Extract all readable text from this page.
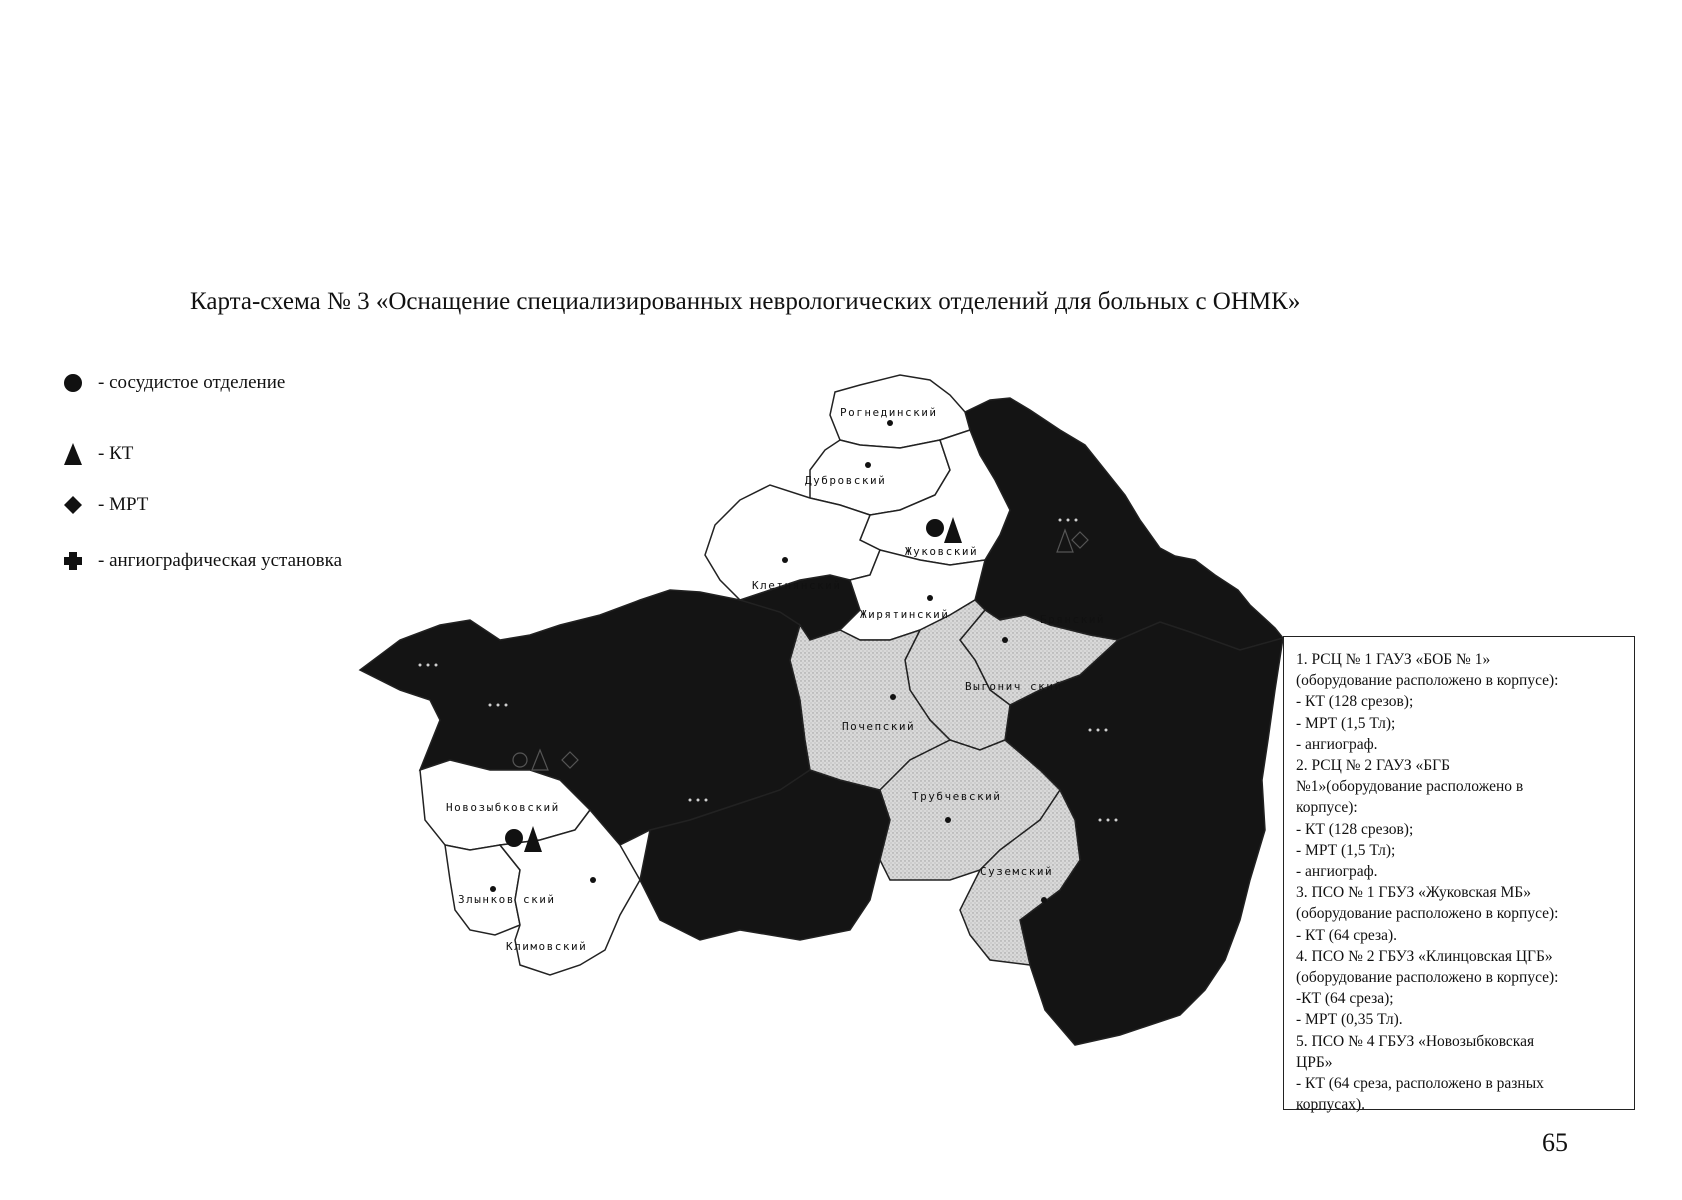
Карта-схема № 3 «Оснащение специализированных неврологических отделений для больных с ОНМК»
- сосудистое отделение
- КТ
- МРТ
- ангиографическая установка
Рогнединский
Дубровский
Жуковский
Клетнянский
Жирятинский	Брянский
Выгонич ский
Почепский
Трубчевский
Суземский
Новозыбковский
Злынков ский
Климовский
1. РСЦ № 1 ГАУЗ «БОБ № 1»
(оборудование расположено в корпусе):
- КТ (128 срезов);
- МРТ (1,5 Тл);
- ангиограф.
2. РСЦ № 2 ГАУЗ «БГБ
№1»(оборудование расположено в
корпусе):
- КТ (128 срезов);
- МРТ (1,5 Тл);
- ангиограф.
3. ПСО № 1 ГБУЗ «Жуковская МБ»
(оборудование расположено в корпусе):
- КТ (64 среза).
4. ПСО № 2 ГБУЗ «Клинцовская ЦГБ»
(оборудование расположено в корпусе):
-КТ (64 среза);
- МРТ (0,35 Тл).
5. ПСО № 4 ГБУЗ «Новозыбковская
ЦРБ»
- КТ (64 среза, расположено в разных
корпусах).
65
